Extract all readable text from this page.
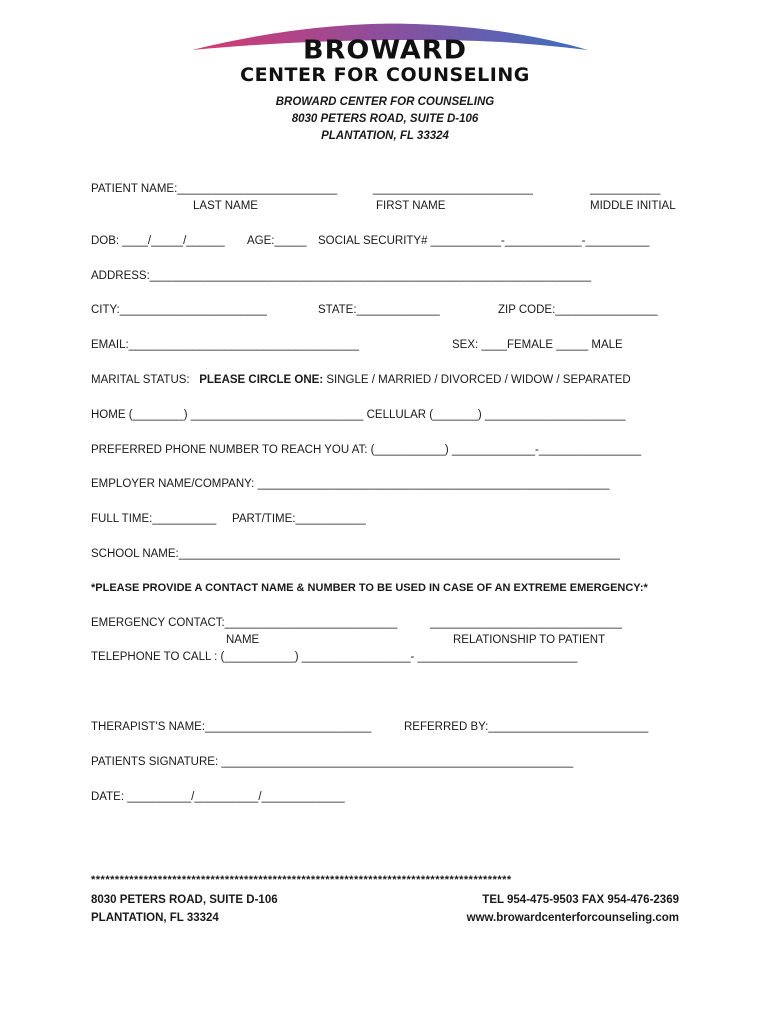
BROWARD
CENTER FOR COUNSELING
BROWARD CENTER FOR COUNSELING
8030 PETERS ROAD, SUITE D-106
PLANTATION, FL 33324
PATIENT NAME:_________________________	_________________________	___________
LAST NAME	FIRST NAME	MIDDLE INITIAL
DOB: ____/_____/______ AGE:_____ SOCIAL SECURITY# ___________-____________-__________
ADDRESS:_____________________________________________________________________
CITY:_______________________	STATE:_____________	ZIP CODE:________________
EMAIL:____________________________________	SEX: ____FEMALE _____ MALE
MARITAL STATUS: PLEASE CIRCLE ONE: SINGLE / MARRIED / DIVORCED / WIDOW / SEPARATED
HOME (________) ___________________________ CELLULAR (_______) ______________________
PREFERRED PHONE NUMBER TO REACH YOU AT: (___________) _____________-________________
EMPLOYER NAME/COMPANY: _______________________________________________________
FULL TIME:__________ PART/TIME:___________
SCHOOL NAME:_____________________________________________________________________
*PLEASE PROVIDE A CONTACT NAME & NUMBER TO BE USED IN CASE OF AN EXTREME EMERGENCY:*
EMERGENCY CONTACT:___________________________	______________________________
NAME	RELATIONSHIP TO PATIENT
TELEPHONE TO CALL : (___________) _________________- _________________________
THERAPIST'S NAME:__________________________	REFERRED BY:_________________________
PATIENTS SIGNATURE: _______________________________________________________
DATE: __________/__________/_____________
****************************************************************************************
8030 PETERS ROAD, SUITE D-106
PLANTATION, FL 33324
TEL 954-475-9503 FAX 954-476-2369
www.browardcenterforcounseling.com
